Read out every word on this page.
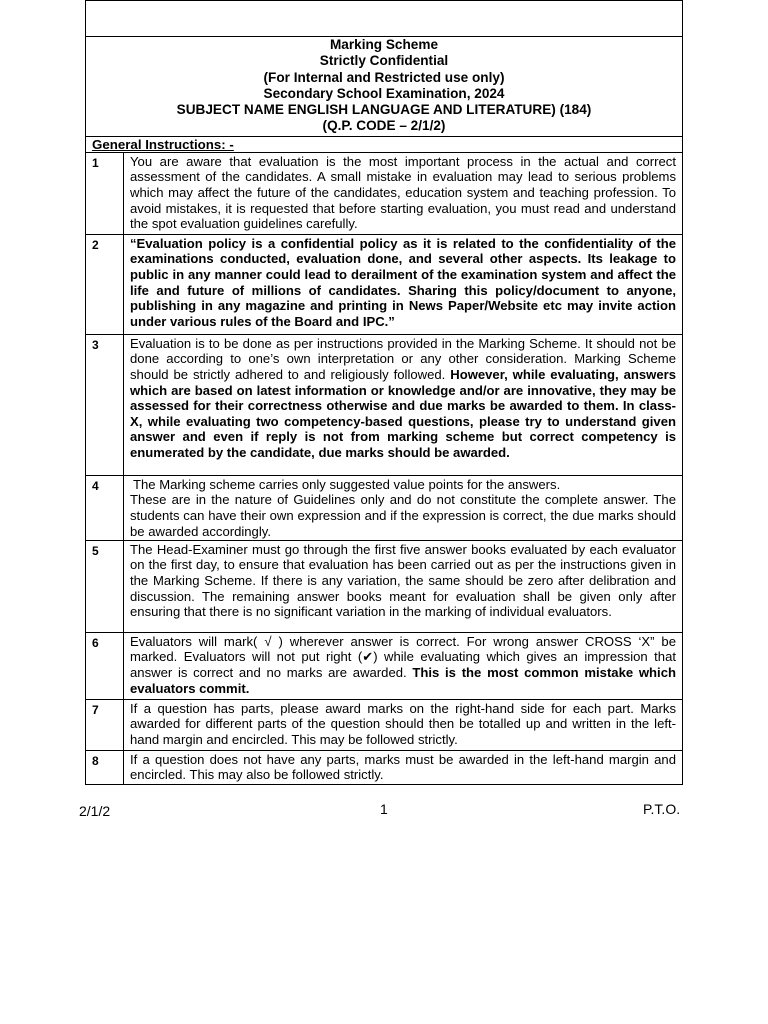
Marking Scheme
Strictly Confidential
(For Internal and Restricted use only)
Secondary School Examination, 2024
SUBJECT NAME ENGLISH LANGUAGE AND LITERATURE) (184)
(Q.P. CODE – 2/1/2)
General Instructions: -
1	You are aware that evaluation is the most important process in the actual and correct assessment of the candidates. A small mistake in evaluation may lead to serious problems which may affect the future of the candidates, education system and teaching profession. To avoid mistakes, it is requested that before starting evaluation, you must read and understand the spot evaluation guidelines carefully.
2	“Evaluation policy is a confidential policy as it is related to the confidentiality of the examinations conducted, evaluation done, and several other aspects. Its leakage to public in any manner could lead to derailment of the examination system and affect the life and future of millions of candidates. Sharing this policy/document to anyone, publishing in any magazine and printing in News Paper/Website etc may invite action under various rules of the Board and IPC.”
3	Evaluation is to be done as per instructions provided in the Marking Scheme. It should not be done according to one’s own interpretation or any other consideration. Marking Scheme should be strictly adhered to and religiously followed. However, while evaluating, answers which are based on latest information or knowledge and/or are innovative, they may be assessed for their correctness otherwise and due marks be awarded to them. In class-X, while evaluating two competency-based questions, please try to understand given answer and even if reply is not from marking scheme but correct competency is enumerated by the candidate, due marks should be awarded.
4	The Marking scheme carries only suggested value points for the answers.
These are in the nature of Guidelines only and do not constitute the complete answer. The students can have their own expression and if the expression is correct, the due marks should be awarded accordingly.
5	The Head-Examiner must go through the first five answer books evaluated by each evaluator on the first day, to ensure that evaluation has been carried out as per the instructions given in the Marking Scheme. If there is any variation, the same should be zero after delibration and discussion. The remaining answer books meant for evaluation shall be given only after ensuring that there is no significant variation in the marking of individual evaluators.
6	Evaluators will mark( √ ) wherever answer is correct. For wrong answer CROSS ‘X” be marked. Evaluators will not put right (✔) while evaluating which gives an impression that answer is correct and no marks are awarded. This is the most common mistake which evaluators commit.
7	If a question has parts, please award marks on the right-hand side for each part. Marks awarded for different parts of the question should then be totalled up and written in the left-hand margin and encircled. This may be followed strictly.
8	If a question does not have any parts, marks must be awarded in the left-hand margin and encircled. This may also be followed strictly.
2/1/2	1	P.T.O.
